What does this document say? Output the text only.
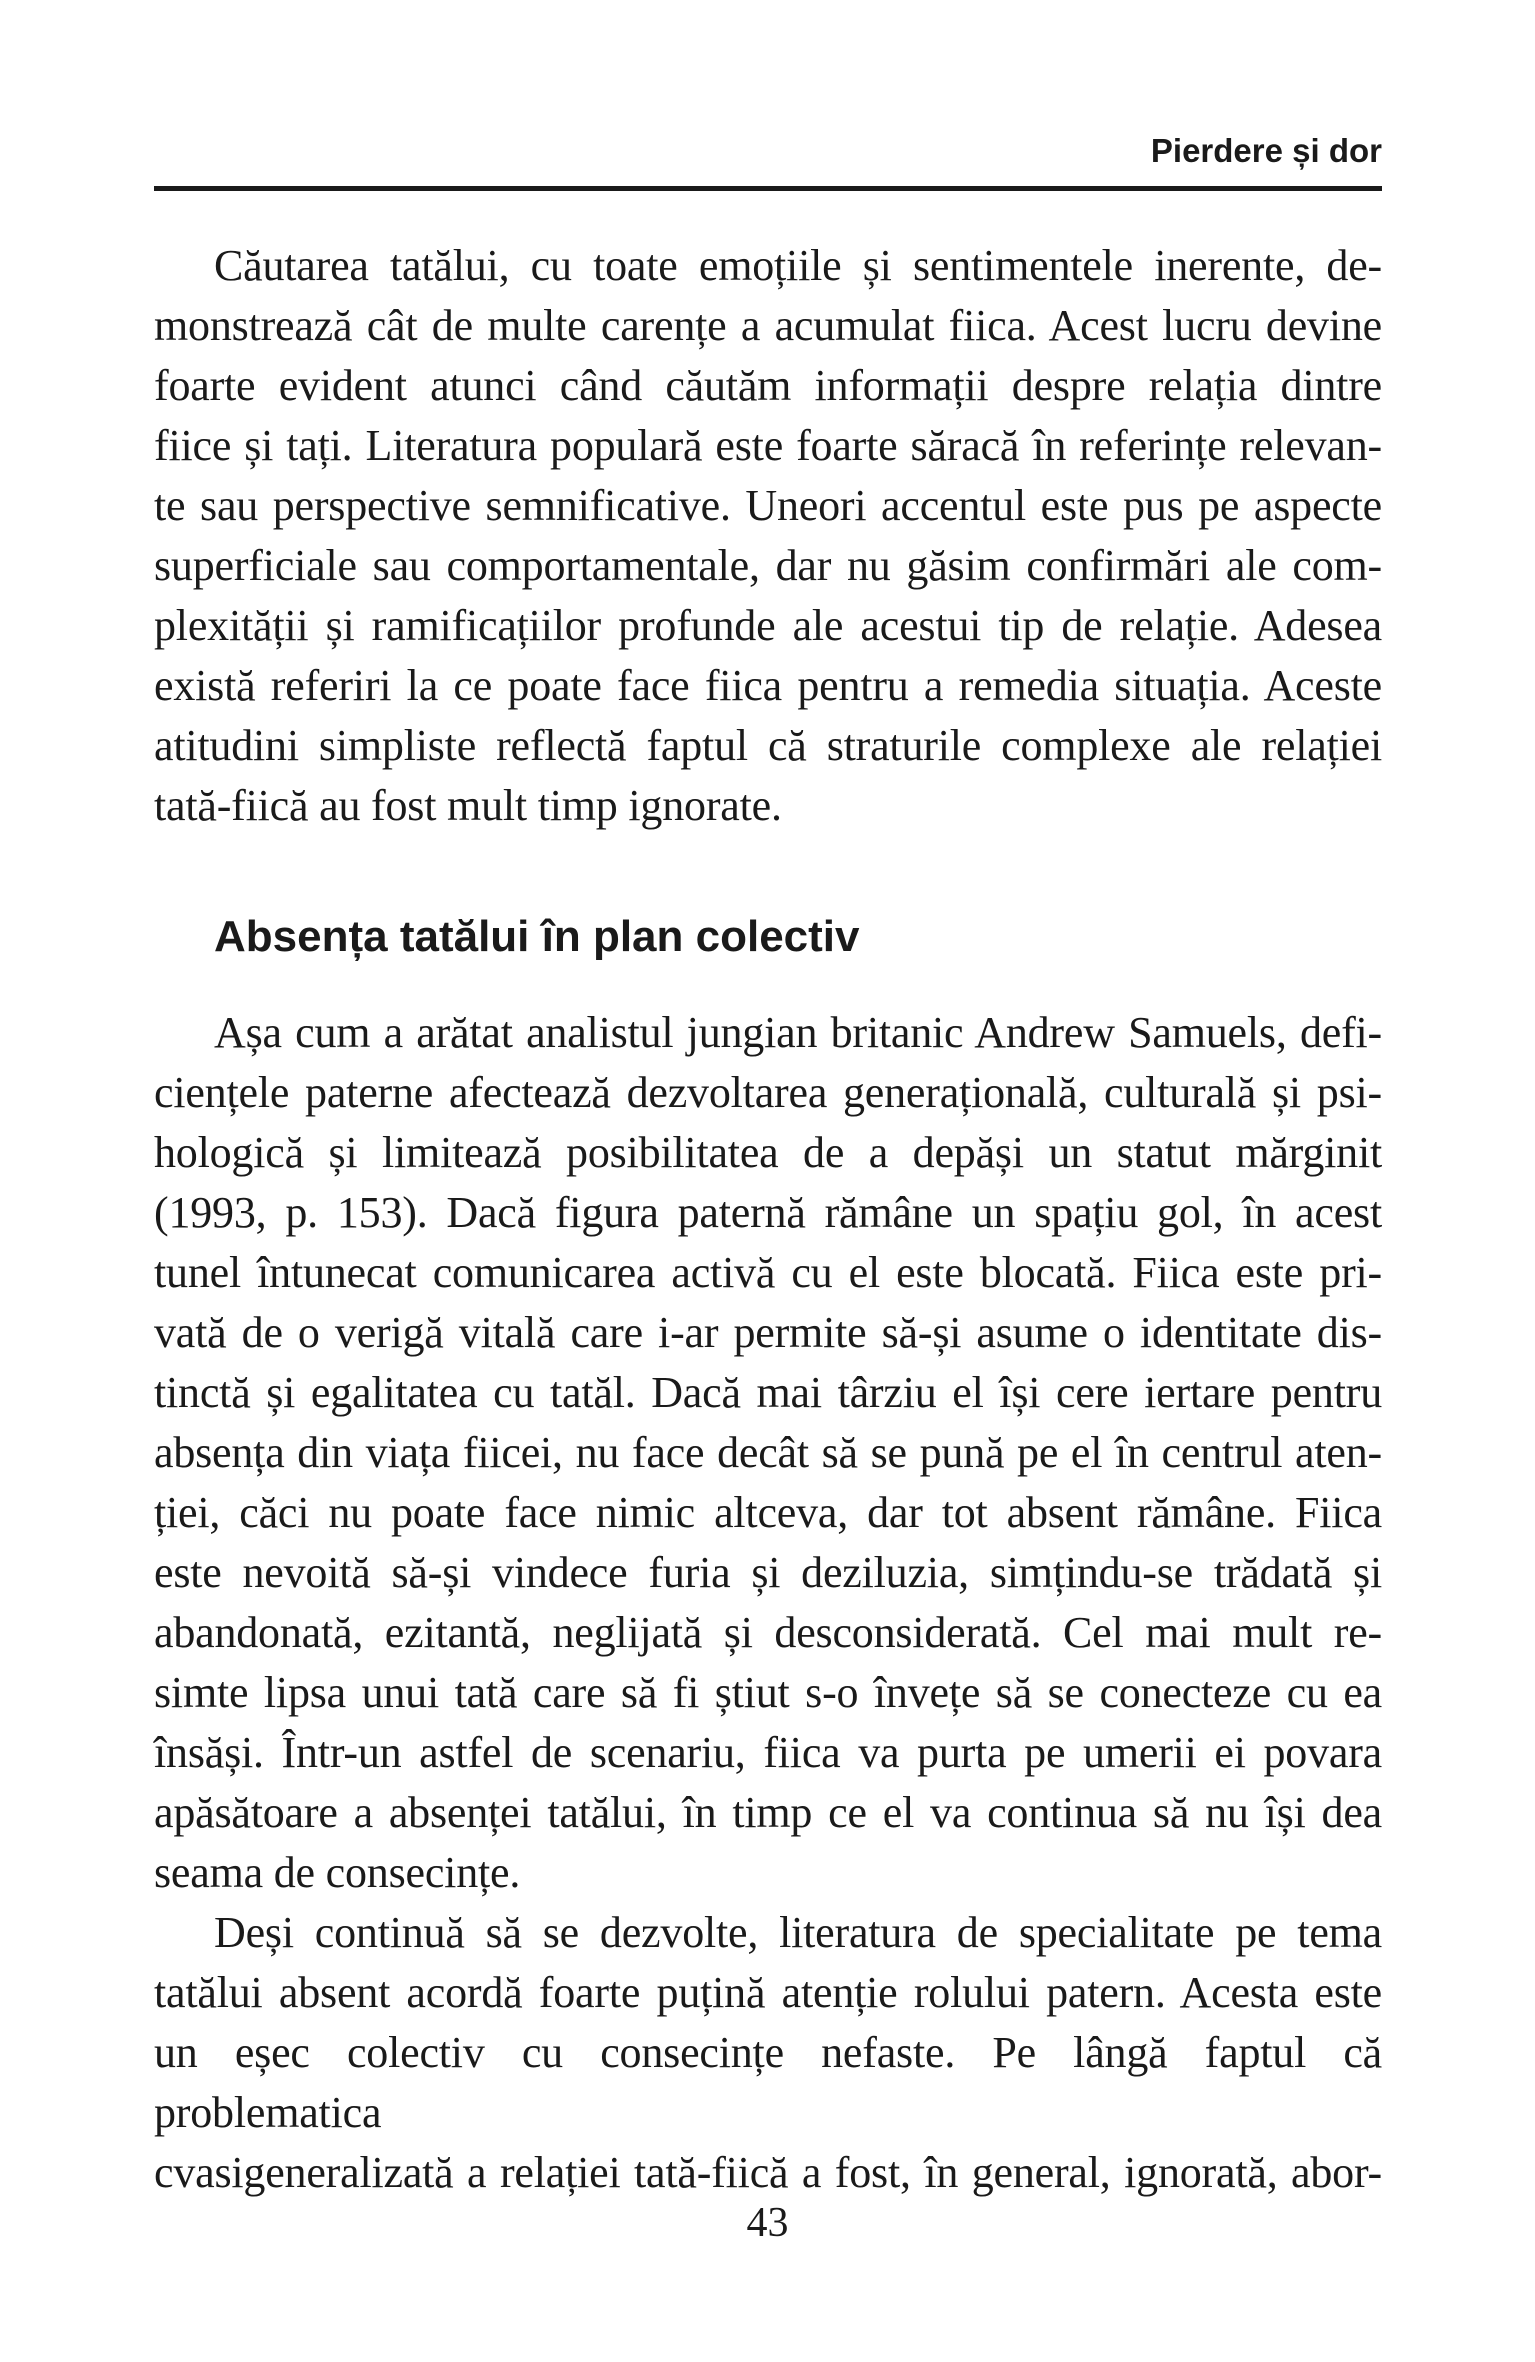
Pierdere și dor
Căutarea tatălui, cu toate emoțiile și sentimentele inerente, de-
monstrează cât de multe carențe a acumulat fiica. Acest lucru devine
foarte evident atunci când căutăm informații despre relația dintre
fiice și tați. Literatura populară este foarte săracă în referințe relevan-
te sau perspective semnificative. Uneori accentul este pus pe aspecte
superficiale sau comportamentale, dar nu găsim confirmări ale com-
plexității și ramificațiilor profunde ale acestui tip de relație. Adesea
există referiri la ce poate face fiica pentru a remedia situația. Aceste
atitudini simpliste reflectă faptul că straturile complexe ale relației
tată-fiică au fost mult timp ignorate.
Absența tatălui în plan colectiv
Așa cum a arătat analistul jungian britanic Andrew Samuels, defi-
ciențele paterne afectează dezvoltarea generațională, culturală și psi-
hologică și limitează posibilitatea de a depăși un statut mărginit
(1993, p. 153). Dacă figura paternă rămâne un spațiu gol, în acest
tunel întunecat comunicarea activă cu el este blocată. Fiica este pri-
vată de o verigă vitală care i-ar permite să-și asume o identitate dis-
tinctă și egalitatea cu tatăl. Dacă mai târziu el își cere iertare pentru
absența din viața fiicei, nu face decât să se pună pe el în centrul aten-
ției, căci nu poate face nimic altceva, dar tot absent rămâne. Fiica
este nevoită să-și vindece furia și deziluzia, simțindu-se trădată și
abandonată, ezitantă, neglijată și desconsiderată. Cel mai mult re-
simte lipsa unui tată care să fi știut s-o învețe să se conecteze cu ea
însăși. Într-un astfel de scenariu, fiica va purta pe umerii ei povara
apăsătoare a absenței tatălui, în timp ce el va continua să nu își dea
seama de consecințe.
Deși continuă să se dezvolte, literatura de specialitate pe tema
tatălui absent acordă foarte puțină atenție rolului patern. Acesta este
un eșec colectiv cu consecințe nefaste. Pe lângă faptul că problematica
cvasigeneralizată a relației tată-fiică a fost, în general, ignorată, abor-
43
